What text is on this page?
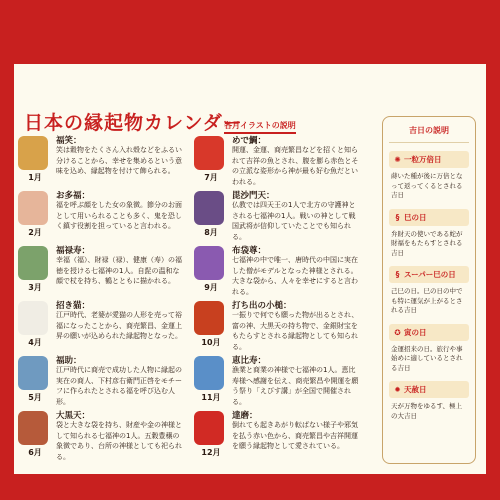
日本の縁起物カレンダー
各月イラストの説明
1月
福笑：
笑は穀物をたくさん入れ殻などをふるい分けることから、幸せを集めるという意味を込め、縁起物を付けて飾られる。
2月
お多福：
福を呼ぶ顔をした女の象徴。節分のお面として用いられることも多く、鬼を恐しく鎮す役割を担っていると言われる。
3月
福禄寿：
幸福（福）、財禄（禄）、健康（寿）の福徳を授ける七福神の1人。自髭の温和な顔で杖を持ち、鶴とともに描かれる。
4月
招き猫：
江戸時代、老婆が愛猫の人形を売って裕福になったことから、商売繁昌、金運上昇の願いが込められた縁起物となった。
5月
福助：
江戸時代に商売で成功した人物に縁起の実在の商人、下村彦右衛門正啓をモチーフに作られたとされる福を呼び込む人形。
6月
大黒天：
袋と大きな袋を持ち、財産や金の神様として知られる七福神の1人。五穀豊穣の象徴であり、台所の神様としても祀られる。
7月
めで鯛：
開運、金運、商売繁昌などを招くと知られて吉祥の魚とされ、腹を膨ら赤色とその立派な姿形から神が最も好む魚だといわれる。
8月
毘沙門天：
仏教では四天王の1人で北方の守護神とされる七福神の1人。戦いの神として戦国武将が信仰していたことでも知られる。
9月
布袋尊：
七福神の中で唯一、唐時代の中国に実在した僧がモデルとなった神様とされる。大きな袋から、人々を幸せにすると言われる。
10月
打ち出の小槌：
一振りで何でも願った物が出るとされ、富の神、大黒天の持ち物で、金銀財宝をもたらすとされる縁起物としても知られる。
11月
恵比寿：
漁業と商業の神様で七福神の1人。恵比寿様へ感謝を伝え、商売繁昌や開運を願う祭り「えびす講」が全国で開催される。
12月
達磨：
倒れても起きあがり転ばない様子や邪気を払う赤い色から、商売繁昌や吉祥開運を願う縁起物として愛されている。
吉日の説明
✺ 一粒万倍日
蒔いた種が後に万倍となって返ってくるとされる吉日
§ 巳の日
弁財天の使いである蛇が財福をもたらすとされる吉日
§ スーパー巳の日
己巳の日。巳の日の中でも特に運気が上がるとされる吉日
✪ 寅の日
金運招来の日。旅行や事始めに適しているとされる吉日
✹ 天赦日
天が万物をゆるす、極上の大吉日
